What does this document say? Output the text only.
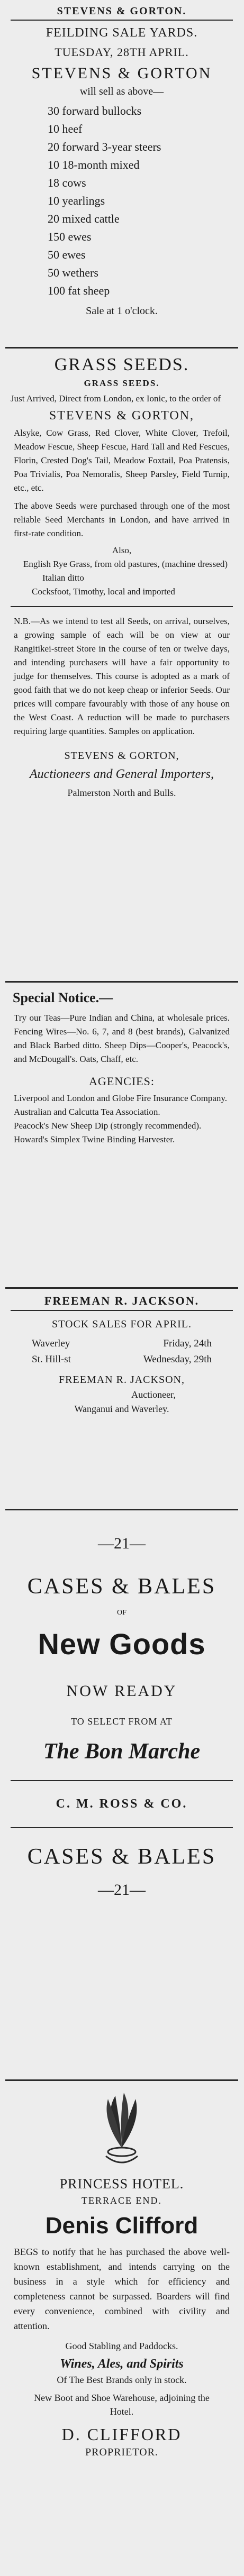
STEVENS & GORTON.
FEILDING SALE YARDS.
TUESDAY, 28TH APRIL.
STEVENS & GORTON
will sell as above—
30 forward bullocks
10 heef
20 forward 3-year steers
10 18-month mixed
18 cows
10 yearlings
20 mixed cattle
150 ewes
50 ewes
50 wethers
100 fat sheep
Sale at 1 o'clock.
GRASS SEEDS.
GRASS SEEDS.
Just Arrived, Direct from London, ex Ionic, to the order of
STEVENS & GORTON,
Alsyke, Cow Grass, Red Clover, White Clover, Trefoil, Meadow Fescue, Sheep Fescue, Hard Tall and Red Fescues, Florin, Crested Dog's Tail, Meadow Foxtail, Poa Pratensis, Poa Trivialis, Poa Nemoralis, Sheep Parsley, Field Turnip, etc., etc.
The above Seeds were purchased through one of the most reliable Seed Merchants in London, and have arrived in first-rate condition.
Also,
English Rye Grass, from old pastures, (machine dressed)
Italian ditto
Cocksfoot, Timothy, local and imported
N.B.—As we intend to test all Seeds, on arrival, ourselves, a growing sample of each will be on view at our Rangitikei-street Store in the course of ten or twelve days, and intending purchasers will have a fair opportunity to judge for themselves. This course is adopted as a mark of good faith that we do not keep cheap or inferior Seeds. Our prices will compare favourably with those of any house on the West Coast. A reduction will be made to purchasers requiring large quantities. Samples on application.
STEVENS & GORTON,
Auctioneers and General Importers,
Palmerston North and Bulls.
Special Notice.—
Try our Teas—Pure Indian and China, at wholesale prices. Fencing Wires—No. 6, 7, and 8 (best brands), Galvanized and Black Barbed ditto. Sheep Dips—Cooper's, Peacock's, and McDougall's. Oats, Chaff, etc.
AGENCIES:
Liverpool and London and Globe Fire Insurance Company.
Australian and Calcutta Tea Association.
Peacock's New Sheep Dip (strongly recommended).
Howard's Simplex Twine Binding Harvester.
FREEMAN R. JACKSON.
STOCK SALES FOR APRIL.
Waverley	Friday, 24th
St. Hill-st	Wednesday, 29th
FREEMAN R. JACKSON,
Auctioneer,
Wanganui and Waverley.
—21—
CASES & BALES
OF
New Goods
NOW READY
TO SELECT FROM AT
The Bon Marche
C. M. ROSS & CO.
CASES & BALES
—21—
PRINCESS HOTEL.
TERRACE END.
Denis Clifford
BEGS to notify that he has purchased the above well-known establishment, and intends carrying on the business in a style which for efficiency and completeness cannot be surpassed. Boarders will find every convenience, combined with civility and attention.
Good Stabling and Paddocks.
Wines, Ales, and Spirits
Of The Best Brands only in stock.
New Boot and Shoe Warehouse, adjoining the Hotel.
D. CLIFFORD
PROPRIETOR.
